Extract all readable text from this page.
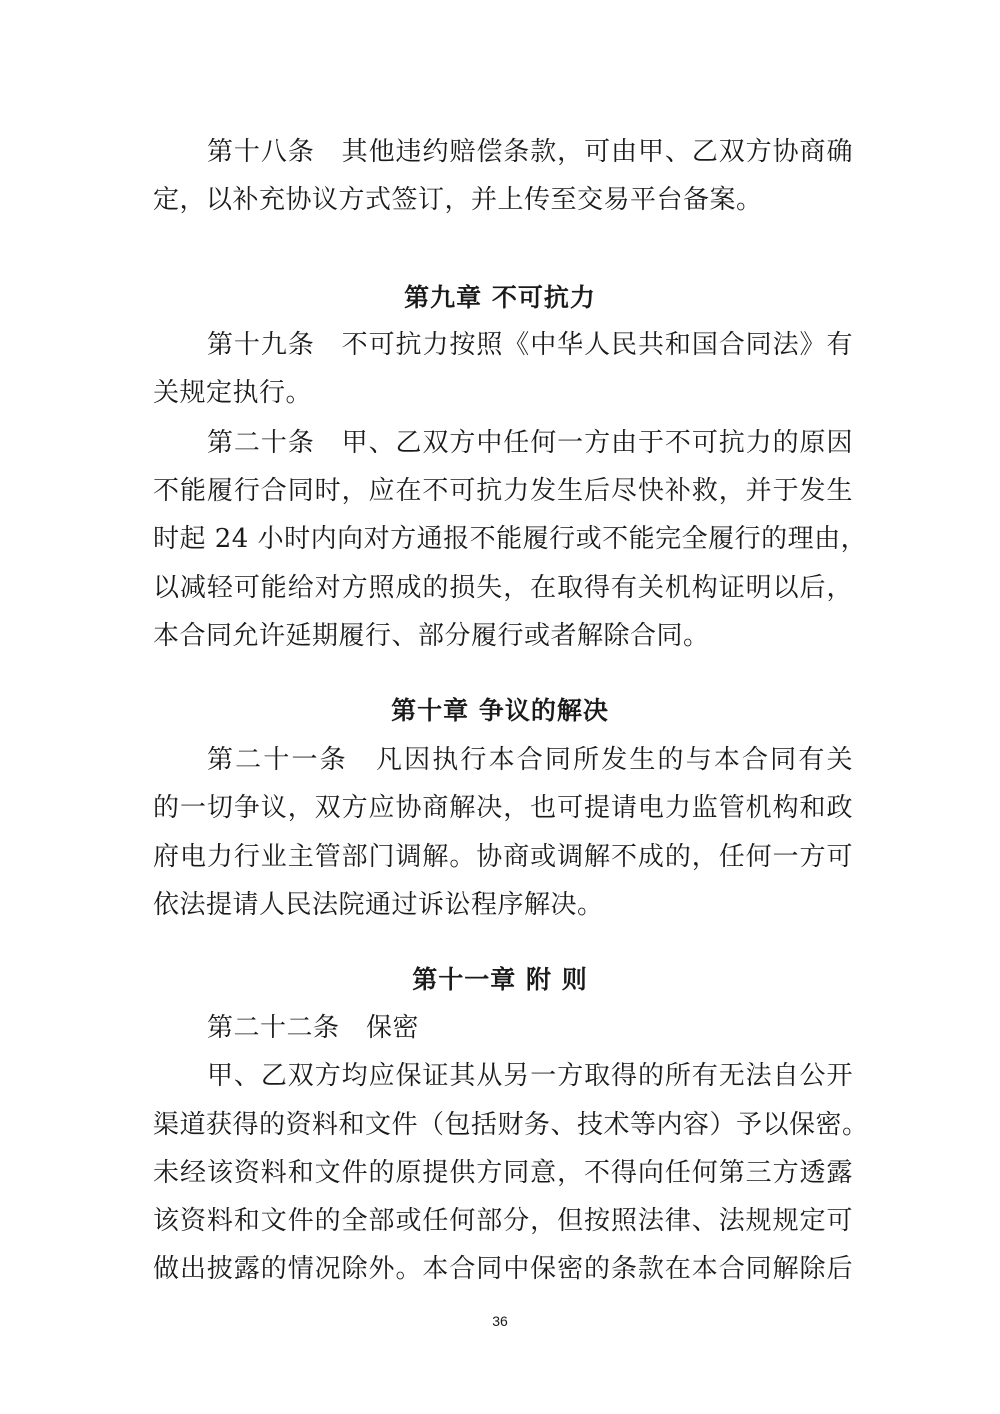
第十八条　其他违约赔偿条款，可由甲、乙双方协商确
定，以补充协议方式签订，并上传至交易平台备案。
第九章 不可抗力
第十九条　不可抗力按照《中华人民共和国合同法》有
关规定执行。
第二十条　甲、乙双方中任何一方由于不可抗力的原因
不能履行合同时，应在不可抗力发生后尽快补救，并于发生
时起 24 小时内向对方通报不能履行或不能完全履行的理由，
以减轻可能给对方照成的损失，在取得有关机构证明以后，
本合同允许延期履行、部分履行或者解除合同。
第十章 争议的解决
第二十一条　凡因执行本合同所发生的与本合同有关
的一切争议，双方应协商解决，也可提请电力监管机构和政
府电力行业主管部门调解。协商或调解不成的，任何一方可
依法提请人民法院通过诉讼程序解决。
第十一章 附 则
第二十二条　保密
甲、乙双方均应保证其从另一方取得的所有无法自公开
渠道获得的资料和文件（包括财务、技术等内容）予以保密。
未经该资料和文件的原提供方同意，不得向任何第三方透露
该资料和文件的全部或任何部分，但按照法律、法规规定可
做出披露的情况除外。本合同中保密的条款在本合同解除后
36
